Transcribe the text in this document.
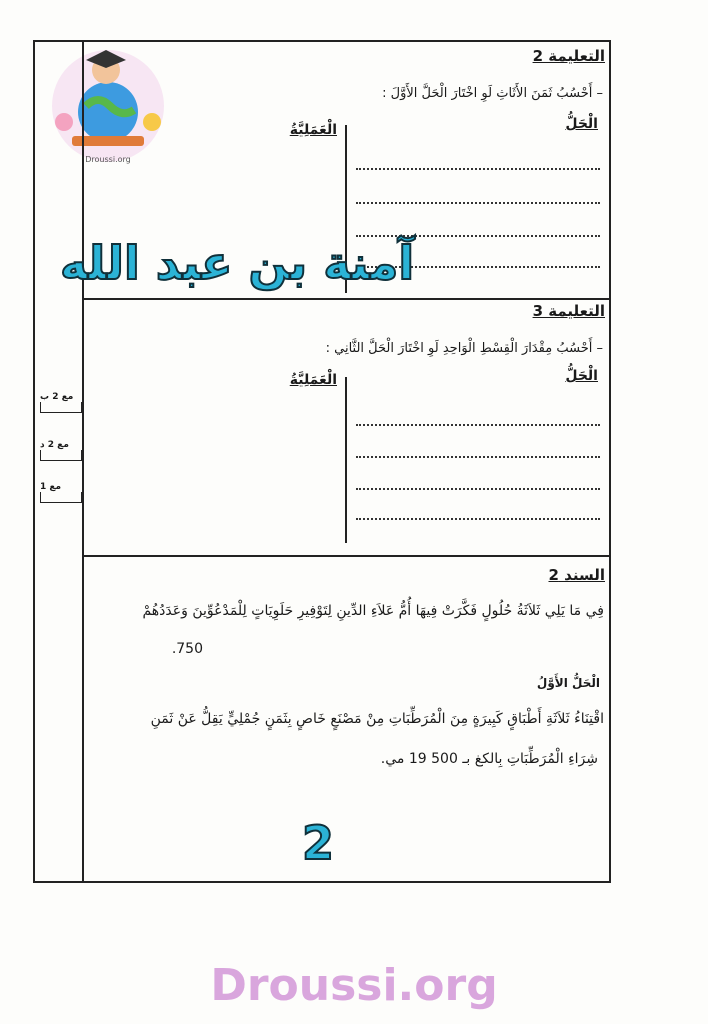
Droussi.org
التعليمة 2
– أَحْسُبُ ثَمَنَ الأَثَاثِ لَوِ اخْتَارَ الْحَلَّ الأَوَّلَ :
الْحَلُّ
الْعَمَلِيَّةُ
التعليمة 3
– أَحْسُبُ مِقْدَارَ الْقِسْطِ الْوَاحِدِ لَوِ اخْتَارَ الْحَلَّ الثَّانِي :
الْحَلُّ
الْعَمَلِيَّةُ
مع 2 ب
مع 2 د
مع 1
السند 2
فِي مَا يَلِي ثَلاَثَةُ حُلُولٍ فَكَّرَتْ فِيهَا أُمُّ عَلاَءِ الدِّينِ لِتَوْفِيرِ حَلَوِيَاتٍ لِلْمَدْعُوِّينَ وَعَدَدُهُمْ
750.
الْحَلُّ الأَوَّلُ
اقْتِنَاءُ ثَلاَثَةِ أَطْبَاقٍ كَبِيرَةٍ مِنَ الْمُرَطِّبَاتِ مِنْ مَصْنَعٍ خَاصٍ بِثَمَنٍ جُمْلِيٍّ يَقِلُّ عَنْ ثَمَنِ
شِرَاءِ الْمُرَطِّبَاتِ بِالكغ بـ 500 19 مي.
آمنة بن عبد الله
2
Droussi.org
